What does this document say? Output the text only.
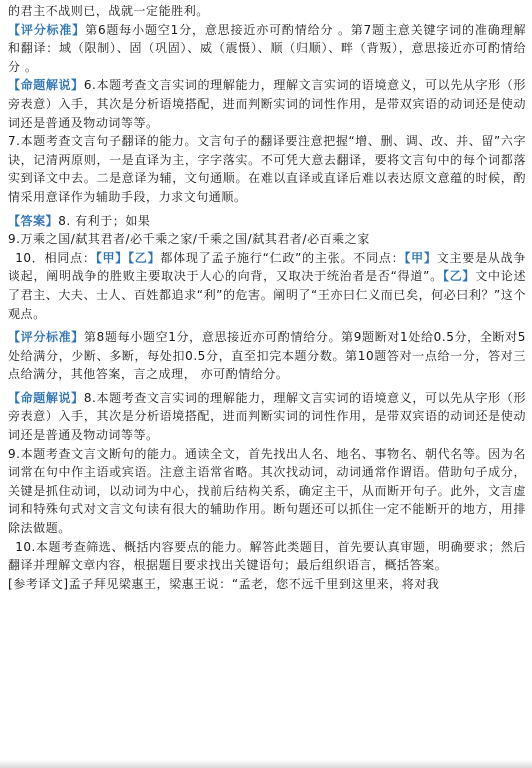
的君主不战则已，战就一定能胜利。

【评分标准】第6题每小题空1分，意思接近亦可酌情给分 。第7题主意关键字词的准确理解和翻译：域（限制）、固（巩固）、威（震慑）、顺（归顺）、畔（背叛），意思接近亦可酌情给分 。

【命题解说】6.本题考查文言实词的理解能力，理解文言实词的语境意义，可以先从字形（形旁表意）入手，其次是分析语境搭配，进而判断实词的词性作用，是带双宾语的动词还是使动词还是普通及物动词等等。

7.本题考查文言句子翻译的能力。文言句子的翻译要注意把握“增、删、调、改、并、留”六字诀，记清两原则，一是直译为主，字字落实。不可凭大意去翻译，要将文言句中的每个词都落实到译文中去。二是意译为辅，文句通顺。在难以直译或直译后难以表达原文意蕴的时候，酌情采用意译作为辅助手段，力求文句通顺。

【答案】8. 有利于；如果

9.万乘之国/弑其君者/必千乘之家/千乘之国/弑其君者/必百乘之家

10．相同点：【甲】【乙】都体现了孟子施行“仁政”的主张。不同点：【甲】文主要是从战争谈起，阐明战争的胜败主要取决于人心的向背，又取决于统治者是否“得道”。【乙】文中论述了君主、大夫、士人、百姓都追求“利”的危害。阐明了“王亦曰仁义而已矣，何必曰利？”这个观点。

【评分标准】第8题每小题空1分，意思接近亦可酌情给分。第9题断对1处给0.5分，全断对5处给满分，少断、多断，每处扣0.5分，直至扣完本题分数。第10题答对一点给一分，答对三点给满分，其他答案，言之成理， 亦可酌情给分。

【命题解说】8.本题考查文言实词的理解能力，理解文言实词的语境意义，可以先从字形（形旁表意）入手，其次是分析语境搭配，进而判断实词的词性作用，是带双宾语的动词还是使动词还是普通及物动词等等。

9.本题考查文言文断句的能力。通读全文，首先找出人名、地名、事物名、朝代名等。因为名词常在句中作主语或宾语。注意主语常省略。其次找动词，动词通常作谓语。借助句子成分，关键是抓住动词，以动词为中心，找前后结构关系，确定主干，从而断开句子。此外，文言虚词和特殊句式对文言文句读有很大的辅助作用。断句题还可以抓住一定不能断开的地方，用排除法做题。

10.本题考查筛选、概括内容要点的能力。解答此类题目，首先要认真审题，明确要求；然后翻译并理解文章内容，根据题目要求找出关键语句；最后组织语言，概括答案。

[参考译文]孟子拜见梁惠王，梁惠王说：“孟老，您不远千里到这里来，将对我
